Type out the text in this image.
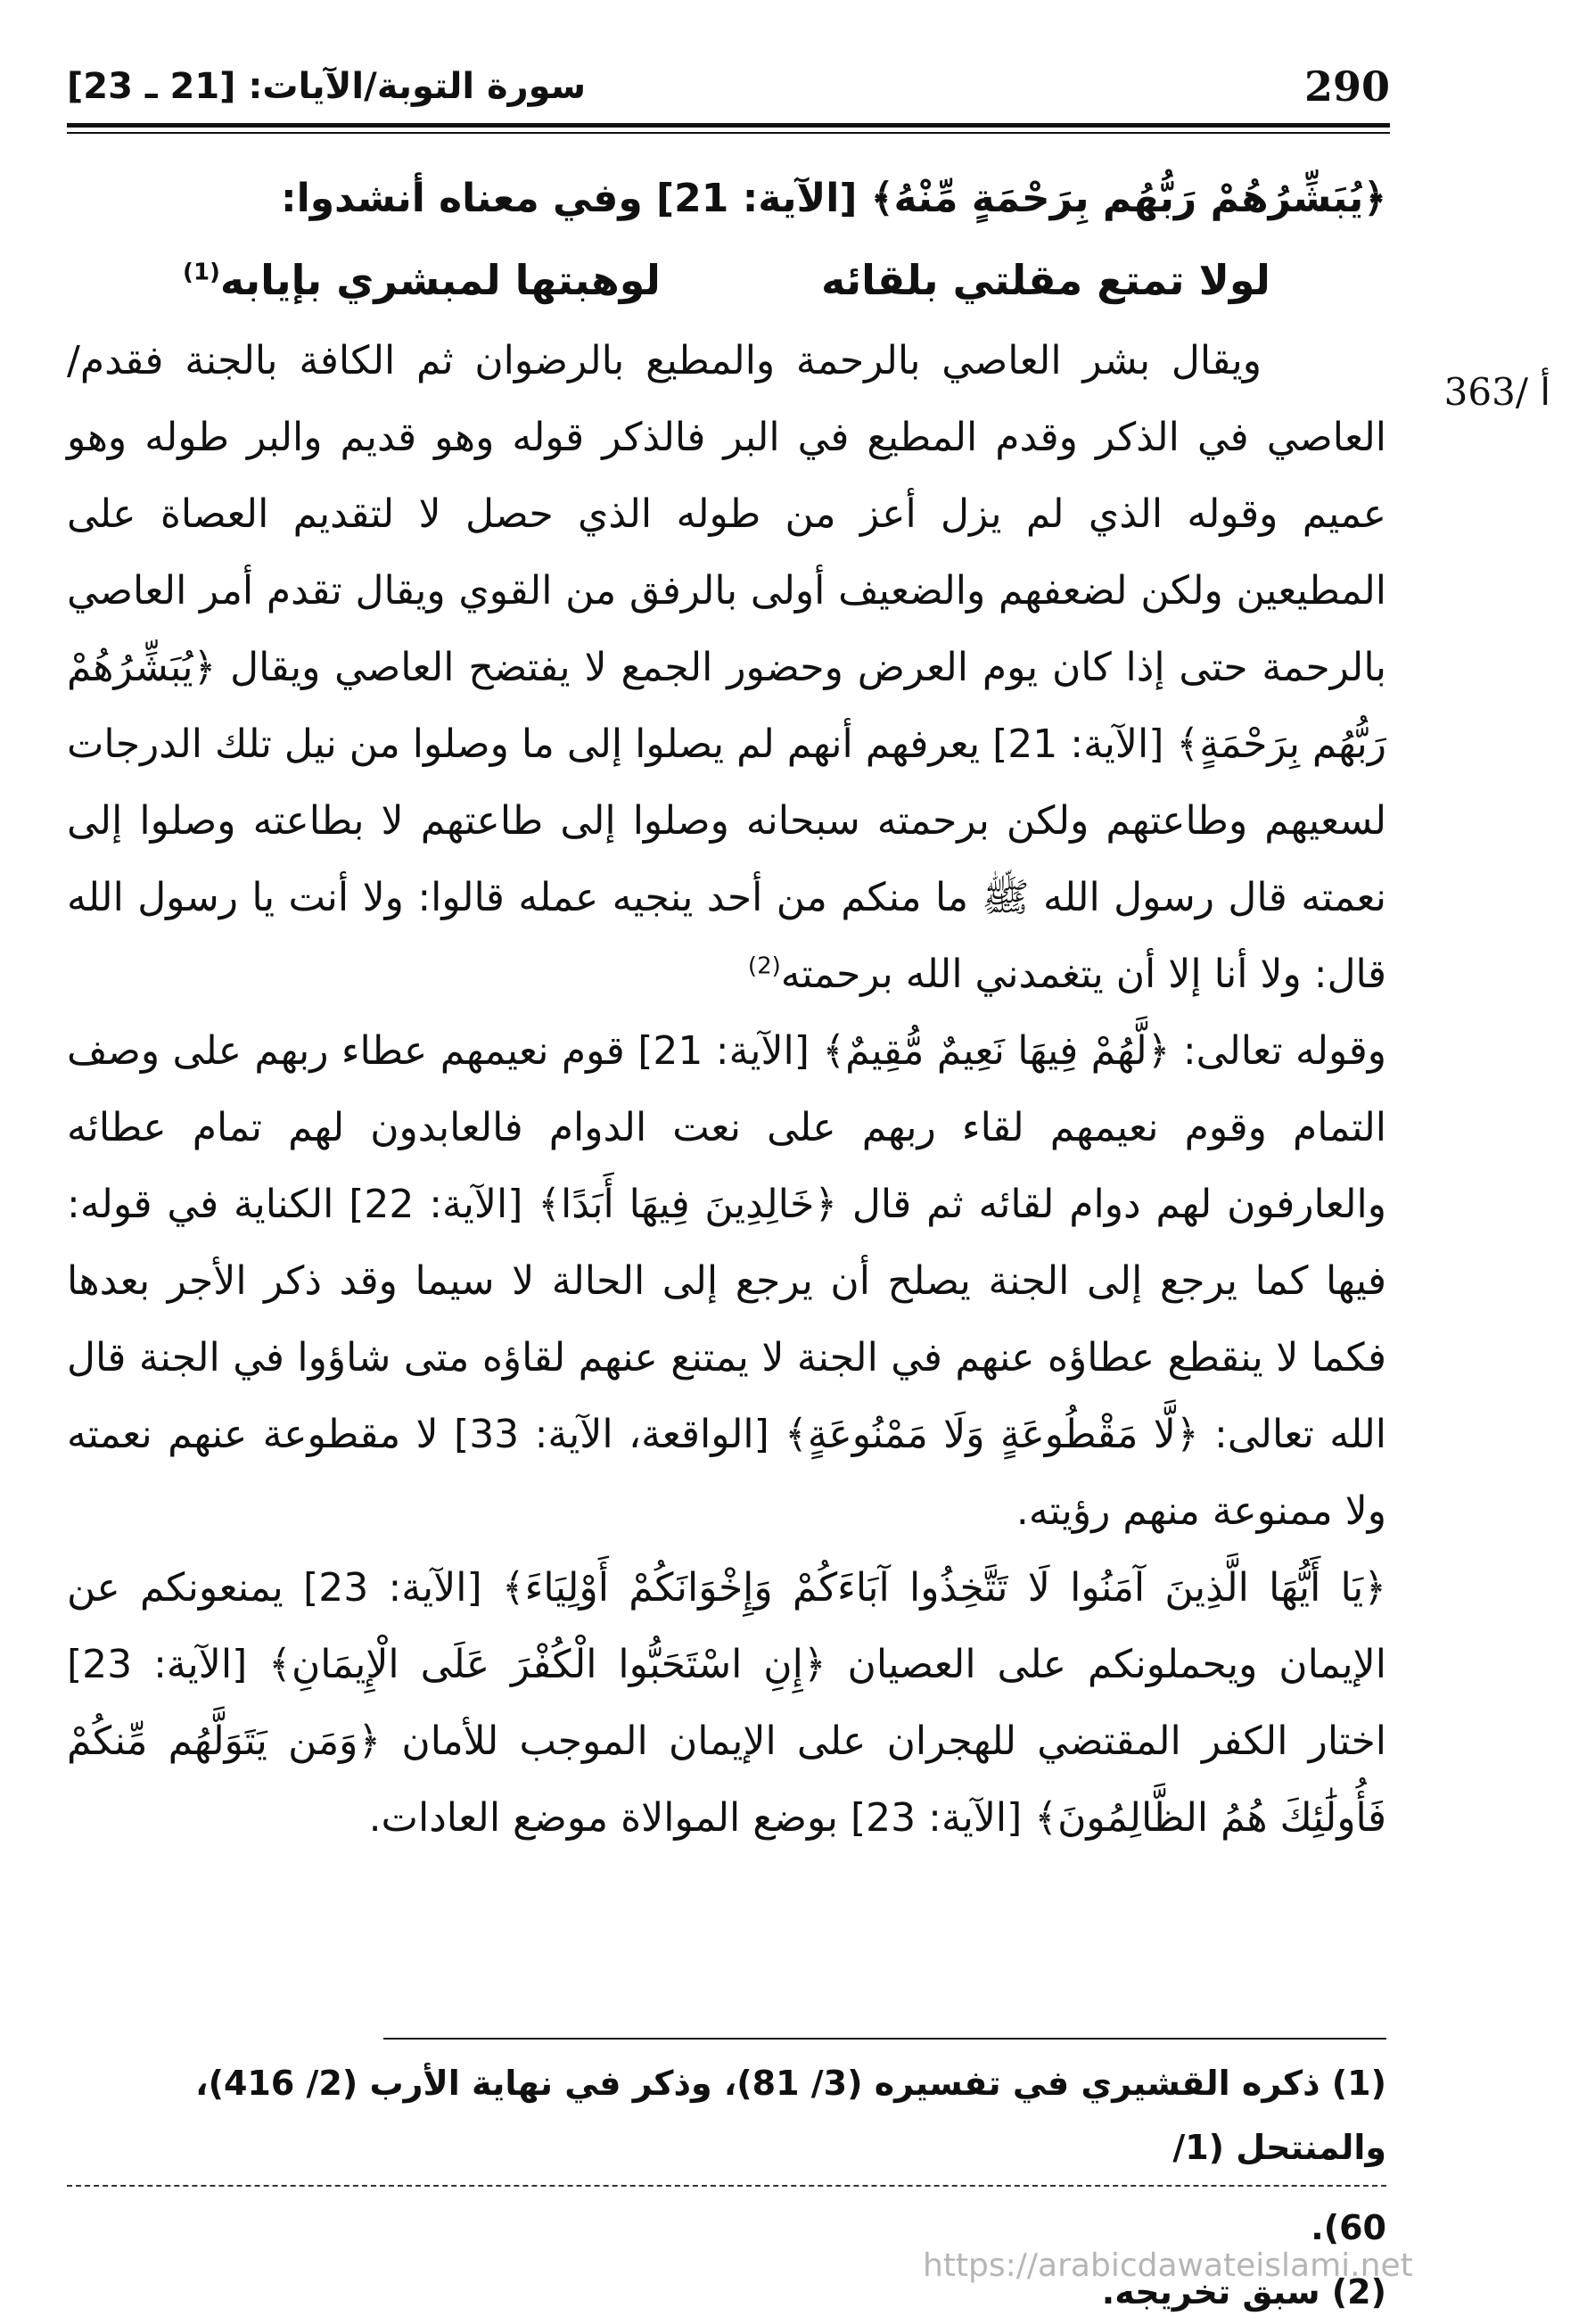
290
سورة التوبة/الآيات: [21 ـ 23]
363/ أ

﴿يُبَشِّرُهُمْ رَبُّهُم بِرَحْمَةٍ مِّنْهُ﴾ [الآية: 21] وفي معناه أنشدوا:

لولا تمتع مقلتي بلقائه
لوهبتها لمبشري بإيابه$^{(1)}$

ويقال بشر العاصي بالرحمة والمطيع بالرضوان ثم الكافة بالجنة فقدم/ العاصي في الذكر وقدم المطيع في البر فالذكر قوله وهو قديم والبر طوله وهو عميم وقوله الذي لم يزل أعز من طوله الذي حصل لا لتقديم العصاة على المطيعين ولكن لضعفهم والضعيف أولى بالرفق من القوي ويقال تقدم أمر العاصي بالرحمة حتى إذا كان يوم العرض وحضور الجمع لا يفتضح العاصي ويقال ﴿يُبَشِّرُهُمْ رَبُّهُم بِرَحْمَةٍ﴾ [الآية: 21] يعرفهم أنهم لم يصلوا إلى ما وصلوا من نيل تلك الدرجات لسعيهم وطاعتهم ولكن برحمته سبحانه وصلوا إلى طاعتهم لا بطاعته وصلوا إلى نعمته قال رسول الله ﷺ ما منكم من أحد ينجيه عمله قالوا: ولا أنت يا رسول الله قال: ولا أنا إلا أن يتغمدني الله برحمته$^{(2)}$

وقوله تعالى: ﴿لَّهُمْ فِيهَا نَعِيمٌ مُّقِيمٌ﴾ [الآية: 21] قوم نعيمهم عطاء ربهم على وصف التمام وقوم نعيمهم لقاء ربهم على نعت الدوام فالعابدون لهم تمام عطائه والعارفون لهم دوام لقائه ثم قال ﴿خَالِدِينَ فِيهَا أَبَدًا﴾ [الآية: 22] الكناية في قوله: فيها كما يرجع إلى الجنة يصلح أن يرجع إلى الحالة لا سيما وقد ذكر الأجر بعدها فكما لا ينقطع عطاؤه عنهم في الجنة لا يمتنع عنهم لقاؤه متى شاؤوا في الجنة قال الله تعالى: ﴿لَّا مَقْطُوعَةٍ وَلَا مَمْنُوعَةٍ﴾ [الواقعة، الآية: 33] لا مقطوعة عنهم نعمته ولا ممنوعة منهم رؤيته.

﴿يَا أَيُّهَا الَّذِينَ آمَنُوا لَا تَتَّخِذُوا آبَاءَكُمْ وَإِخْوَانَكُمْ أَوْلِيَاءَ﴾ [الآية: 23] يمنعونكم عن الإيمان ويحملونكم على العصيان ﴿إِنِ اسْتَحَبُّوا الْكُفْرَ عَلَى الْإِيمَانِ﴾ [الآية: 23] اختار الكفر المقتضي للهجران على الإيمان الموجب للأمان ﴿وَمَن يَتَوَلَّهُم مِّنكُمْ فَأُولَٰئِكَ هُمُ الظَّالِمُونَ﴾ [الآية: 23] بوضع الموالاة موضع العادات.

(1) ذكره القشيري في تفسيره (3/ 81)، وذكر في نهاية الأرب (2/ 416)، والمنتحل (1/

60).

(2) سبق تخريجه.

https://arabicdawateislami.net
